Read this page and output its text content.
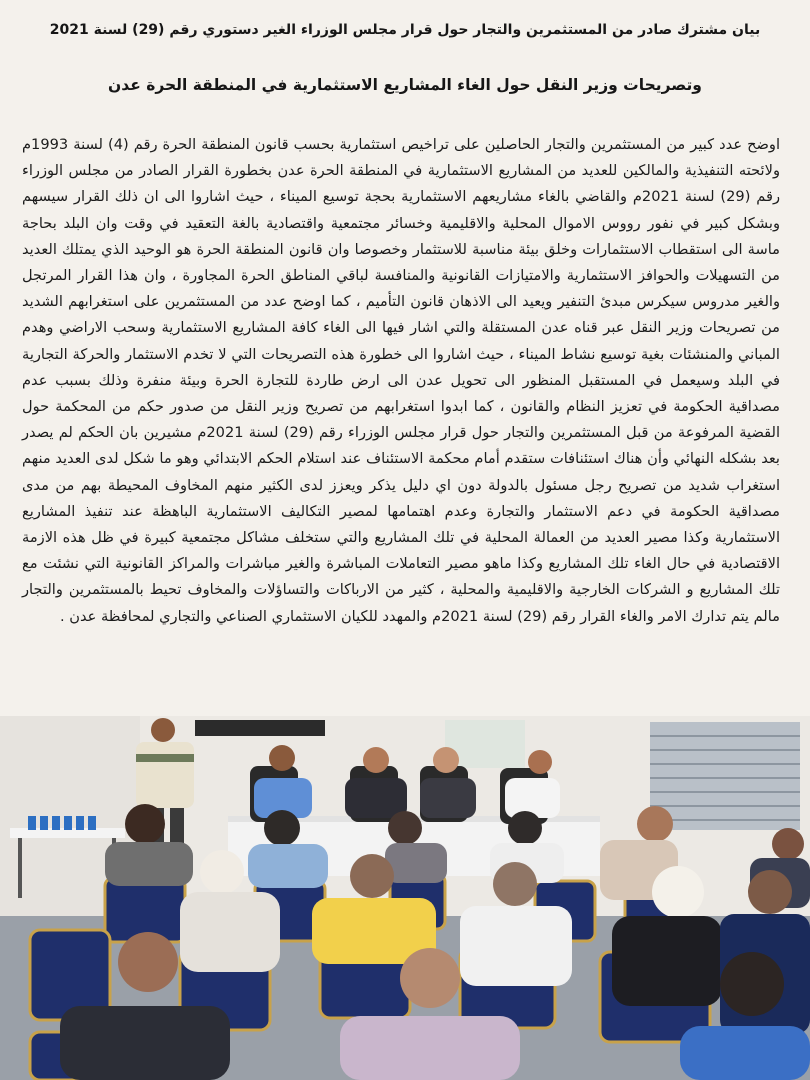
بيان مشترك صادر من المستثمرين والتجار حول قرار مجلس الوزراء الغير دستوري رقم (29) لسنة 2021
وتصريحات وزير النقل حول الغاء المشاريع الاستثمارية في المنطقة الحرة عدن

اوضح عدد كبير من المستثمرين والتجار الحاصلين على تراخيص استثمارية بحسب قانون المنطقة الحرة رقم (4) لسنة 1993م ولائحته التنفيذية والمالكين للعديد من المشاريع الاستثمارية في المنطقة الحرة عدن بخطورة القرار الصادر من مجلس الوزراء رقم (29) لسنة 2021م والقاضي بالغاء مشاريعهم الاستثمارية بحجة توسيع الميناء ، حيث اشاروا الى ان ذلك القرار سيسهم وبشكل كبير في نفور رووس الاموال المحلية والاقليمية وخسائر مجتمعية واقتصادية بالغة التعقيد في وقت وان البلد بحاجة ماسة الى استقطاب الاستثمارات وخلق بيئة مناسبة للاستثمار وخصوصا وان قانون المنطقة الحرة هو الوحيد الذي يمتلك العديد من التسهيلات والحوافز الاستثمارية والامتيازات القانونية والمنافسة لباقي المناطق الحرة المجاورة ، وان هذا القرار المرتجل والغير مدروس سيكرس مبدئ التنفير ويعيد الى الاذهان قانون التأميم ، كما اوضح عدد من المستثمرين على استغرابهم الشديد من تصريحات وزير النقل عبر قناه عدن المستقلة والتي اشار فيها الى الغاء كافة المشاريع الاستثمارية وسحب الاراضي وهدم المباني والمنشئات بغية توسيع نشاط الميناء ، حيث اشاروا الى خطورة هذه التصريحات التي لا تخدم الاستثمار والحركة التجارية في البلد وسيعمل في المستقبل المنظور الى تحويل عدن الى ارض طاردة للتجارة الحرة وبيئة منفرة وذلك بسبب عدم مصداقية الحكومة في تعزيز النظام والقانون ، كما ابدوا استغرابهم من تصريح وزير النقل من صدور حكم من المحكمة حول القضية المرفوعة من قبل المستثمرين والتجار حول قرار مجلس الوزراء رقم (29) لسنة 2021م مشيرين بان الحكم لم يصدر بعد بشكله النهائي وأن هناك استئنافات ستقدم أمام محكمة الاستئناف عند استلام الحكم الابتدائي وهو ما شكل لدى العديد منهم استغراب شديد من تصريح رجل مسئول بالدولة دون اي دليل يذكر ويعزز لدى الكثير منهم المخاوف المحيطة بهم من مدى مصداقية الحكومة في دعم الاستثمار والتجارة وعدم اهتمامها لمصير التكاليف الاستثمارية الباهظة عند تنفيذ المشاريع الاستثمارية وكذا مصير العديد من العمالة المحلية في تلك المشاريع والتي ستخلف مشاكل مجتمعية كبيرة في ظل هذه الازمة الاقتصادية في حال الغاء تلك المشاريع وكذا ماهو مصير التعاملات المباشرة والغير مباشرات والمراكز القانونية التي نشئت مع تلك المشاريع و الشركات الخارجية والاقليمية والمحلية ، كثير من الارباكات والتساؤلات والمخاوف تحيط بالمستثمرين والتجار مالم يتم تدارك الامر والغاء القرار رقم (29) لسنة 2021م والمهدد للكيان الاستثماري الصناعي والتجاري لمحافظة عدن .
